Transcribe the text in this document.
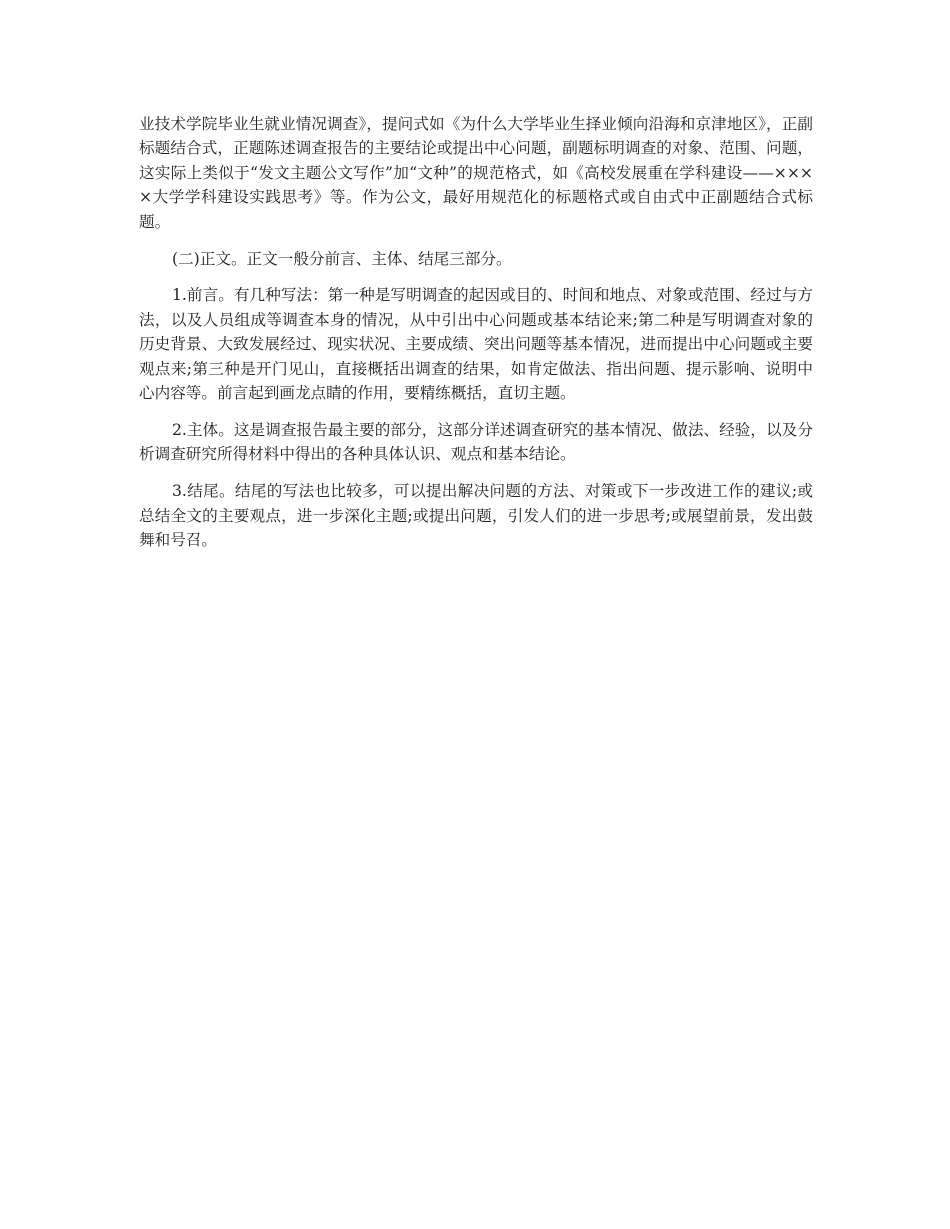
业技术学院毕业生就业情况调查》，提问式如《为什么大学毕业生择业倾向沿海和京津地区》，正副标题结合式，正题陈述调查报告的主要结论或提出中心问题，副题标明调查的对象、范围、问题，这实际上类似于“发文主题公文写作”加“文种”的规范格式，如《高校发展重在学科建设——××××大学学科建设实践思考》等。作为公文，最好用规范化的标题格式或自由式中正副题结合式标题。

(二)正文。正文一般分前言、主体、结尾三部分。

1.前言。有几种写法：第一种是写明调查的起因或目的、时间和地点、对象或范围、经过与方法，以及人员组成等调查本身的情况，从中引出中心问题或基本结论来;第二种是写明调查对象的历史背景、大致发展经过、现实状况、主要成绩、突出问题等基本情况，进而提出中心问题或主要观点来;第三种是开门见山，直接概括出调查的结果，如肯定做法、指出问题、提示影响、说明中心内容等。前言起到画龙点睛的作用，要精练概括，直切主题。

2.主体。这是调查报告最主要的部分，这部分详述调查研究的基本情况、做法、经验，以及分析调查研究所得材料中得出的各种具体认识、观点和基本结论。

3.结尾。结尾的写法也比较多，可以提出解决问题的方法、对策或下一步改进工作的建议;或总结全文的主要观点，进一步深化主题;或提出问题，引发人们的进一步思考;或展望前景，发出鼓舞和号召。
